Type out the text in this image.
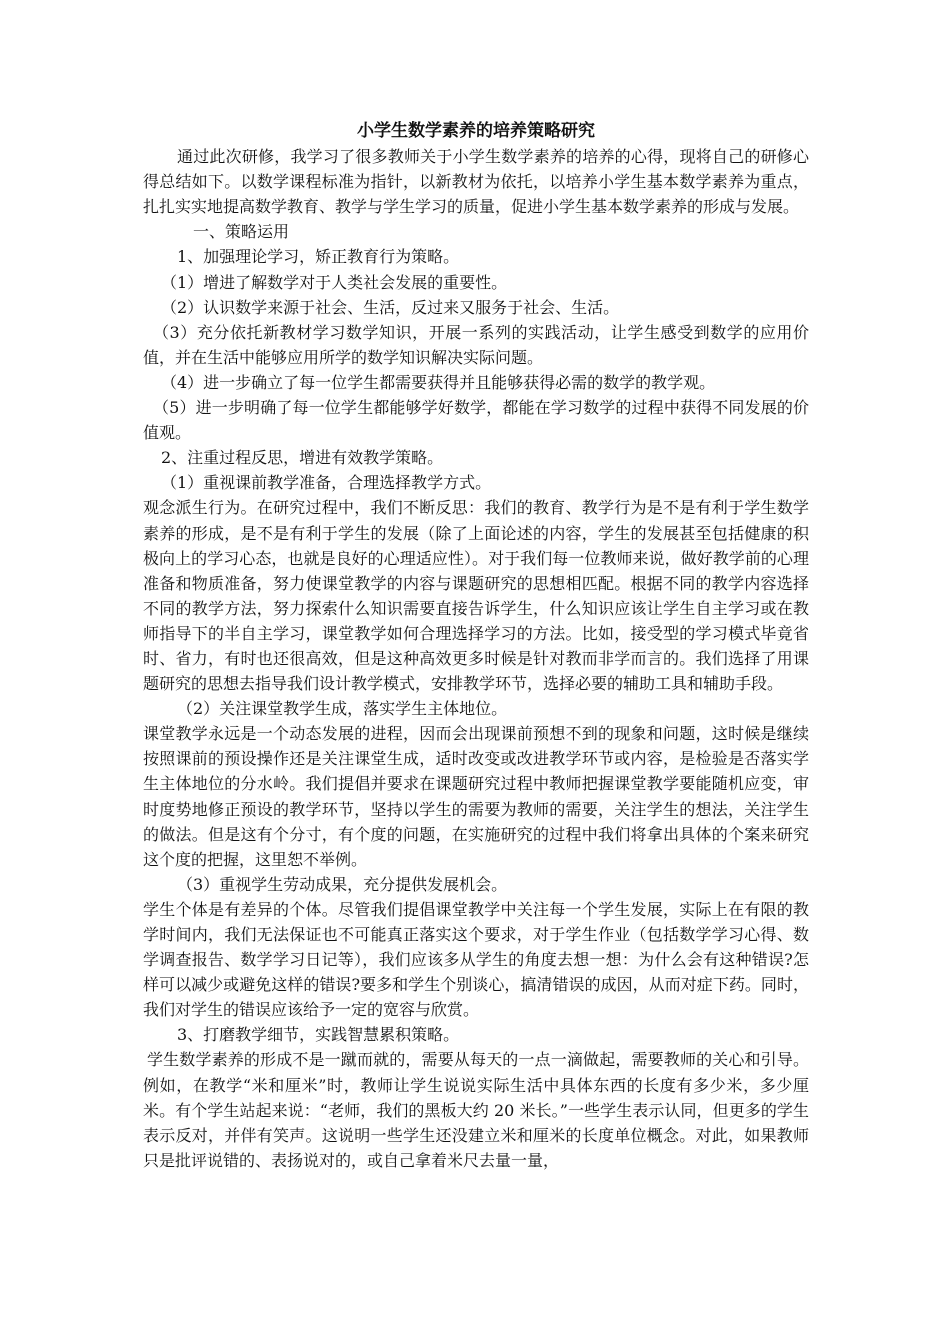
小学生数学素养的培养策略研究

通过此次研修，我学习了很多教师关于小学生数学素养的培养的心得，现将自己的研修心得总结如下。以数学课程标准为指针，以新教材为依托，以培养小学生基本数学素养为重点，扎扎实实地提高数学教育、教学与学生学习的质量，促进小学生基本数学素养的形成与发展。

一、策略运用

1、加强理论学习，矫正教育行为策略。

（1）增进了解数学对于人类社会发展的重要性。

（2）认识数学来源于社会、生活，反过来又服务于社会、生活。

（3）充分依托新教材学习数学知识，开展一系列的实践活动，让学生感受到数学的应用价值，并在生活中能够应用所学的数学知识解决实际问题。

（4）进一步确立了每一位学生都需要获得并且能够获得必需的数学的教学观。

（5）进一步明确了每一位学生都能够学好数学，都能在学习数学的过程中获得不同发展的价值观。

2、注重过程反思，增进有效教学策略。

（1）重视课前教学准备，合理选择教学方式。

观念派生行为。在研究过程中，我们不断反思：我们的教育、教学行为是不是有利于学生数学素养的形成，是不是有利于学生的发展（除了上面论述的内容，学生的发展甚至包括健康的积极向上的学习心态，也就是良好的心理适应性）。对于我们每一位教师来说，做好教学前的心理准备和物质准备，努力使课堂教学的内容与课题研究的思想相匹配。根据不同的教学内容选择不同的教学方法，努力探索什么知识需要直接告诉学生，什么知识应该让学生自主学习或在教师指导下的半自主学习，课堂教学如何合理选择学习的方法。比如，接受型的学习模式毕竟省时、省力，有时也还很高效，但是这种高效更多时候是针对教而非学而言的。我们选择了用课题研究的思想去指导我们设计教学模式，安排教学环节，选择必要的辅助工具和辅助手段。

（2）关注课堂教学生成，落实学生主体地位。

课堂教学永远是一个动态发展的进程，因而会出现课前预想不到的现象和问题，这时候是继续按照课前的预设操作还是关注课堂生成，适时改变或改进教学环节或内容，是检验是否落实学生主体地位的分水岭。我们提倡并要求在课题研究过程中教师把握课堂教学要能随机应变，审时度势地修正预设的教学环节，坚持以学生的需要为教师的需要，关注学生的想法，关注学生的做法。但是这有个分寸，有个度的问题，在实施研究的过程中我们将拿出具体的个案来研究这个度的把握，这里恕不举例。

（3）重视学生劳动成果，充分提供发展机会。

学生个体是有差异的个体。尽管我们提倡课堂教学中关注每一个学生发展，实际上在有限的教学时间内，我们无法保证也不可能真正落实这个要求，对于学生作业（包括数学学习心得、数学调查报告、数学学习日记等），我们应该多从学生的角度去想一想：为什么会有这种错误?怎样可以减少或避免这样的错误?要多和学生个别谈心，搞清错误的成因，从而对症下药。同时，我们对学生的错误应该给予一定的宽容与欣赏。

3、打磨教学细节，实践智慧累积策略。

学生数学素养的形成不是一蹴而就的，需要从每天的一点一滴做起，需要教师的关心和引导。例如，在教学“米和厘米”时，教师让学生说说实际生活中具体东西的长度有多少米，多少厘米。有个学生站起来说：“老师，我们的黑板大约 20 米长。”一些学生表示认同，但更多的学生表示反对，并伴有笑声。这说明一些学生还没建立米和厘米的长度单位概念。对此，如果教师只是批评说错的、表扬说对的，或自己拿着米尺去量一量，
